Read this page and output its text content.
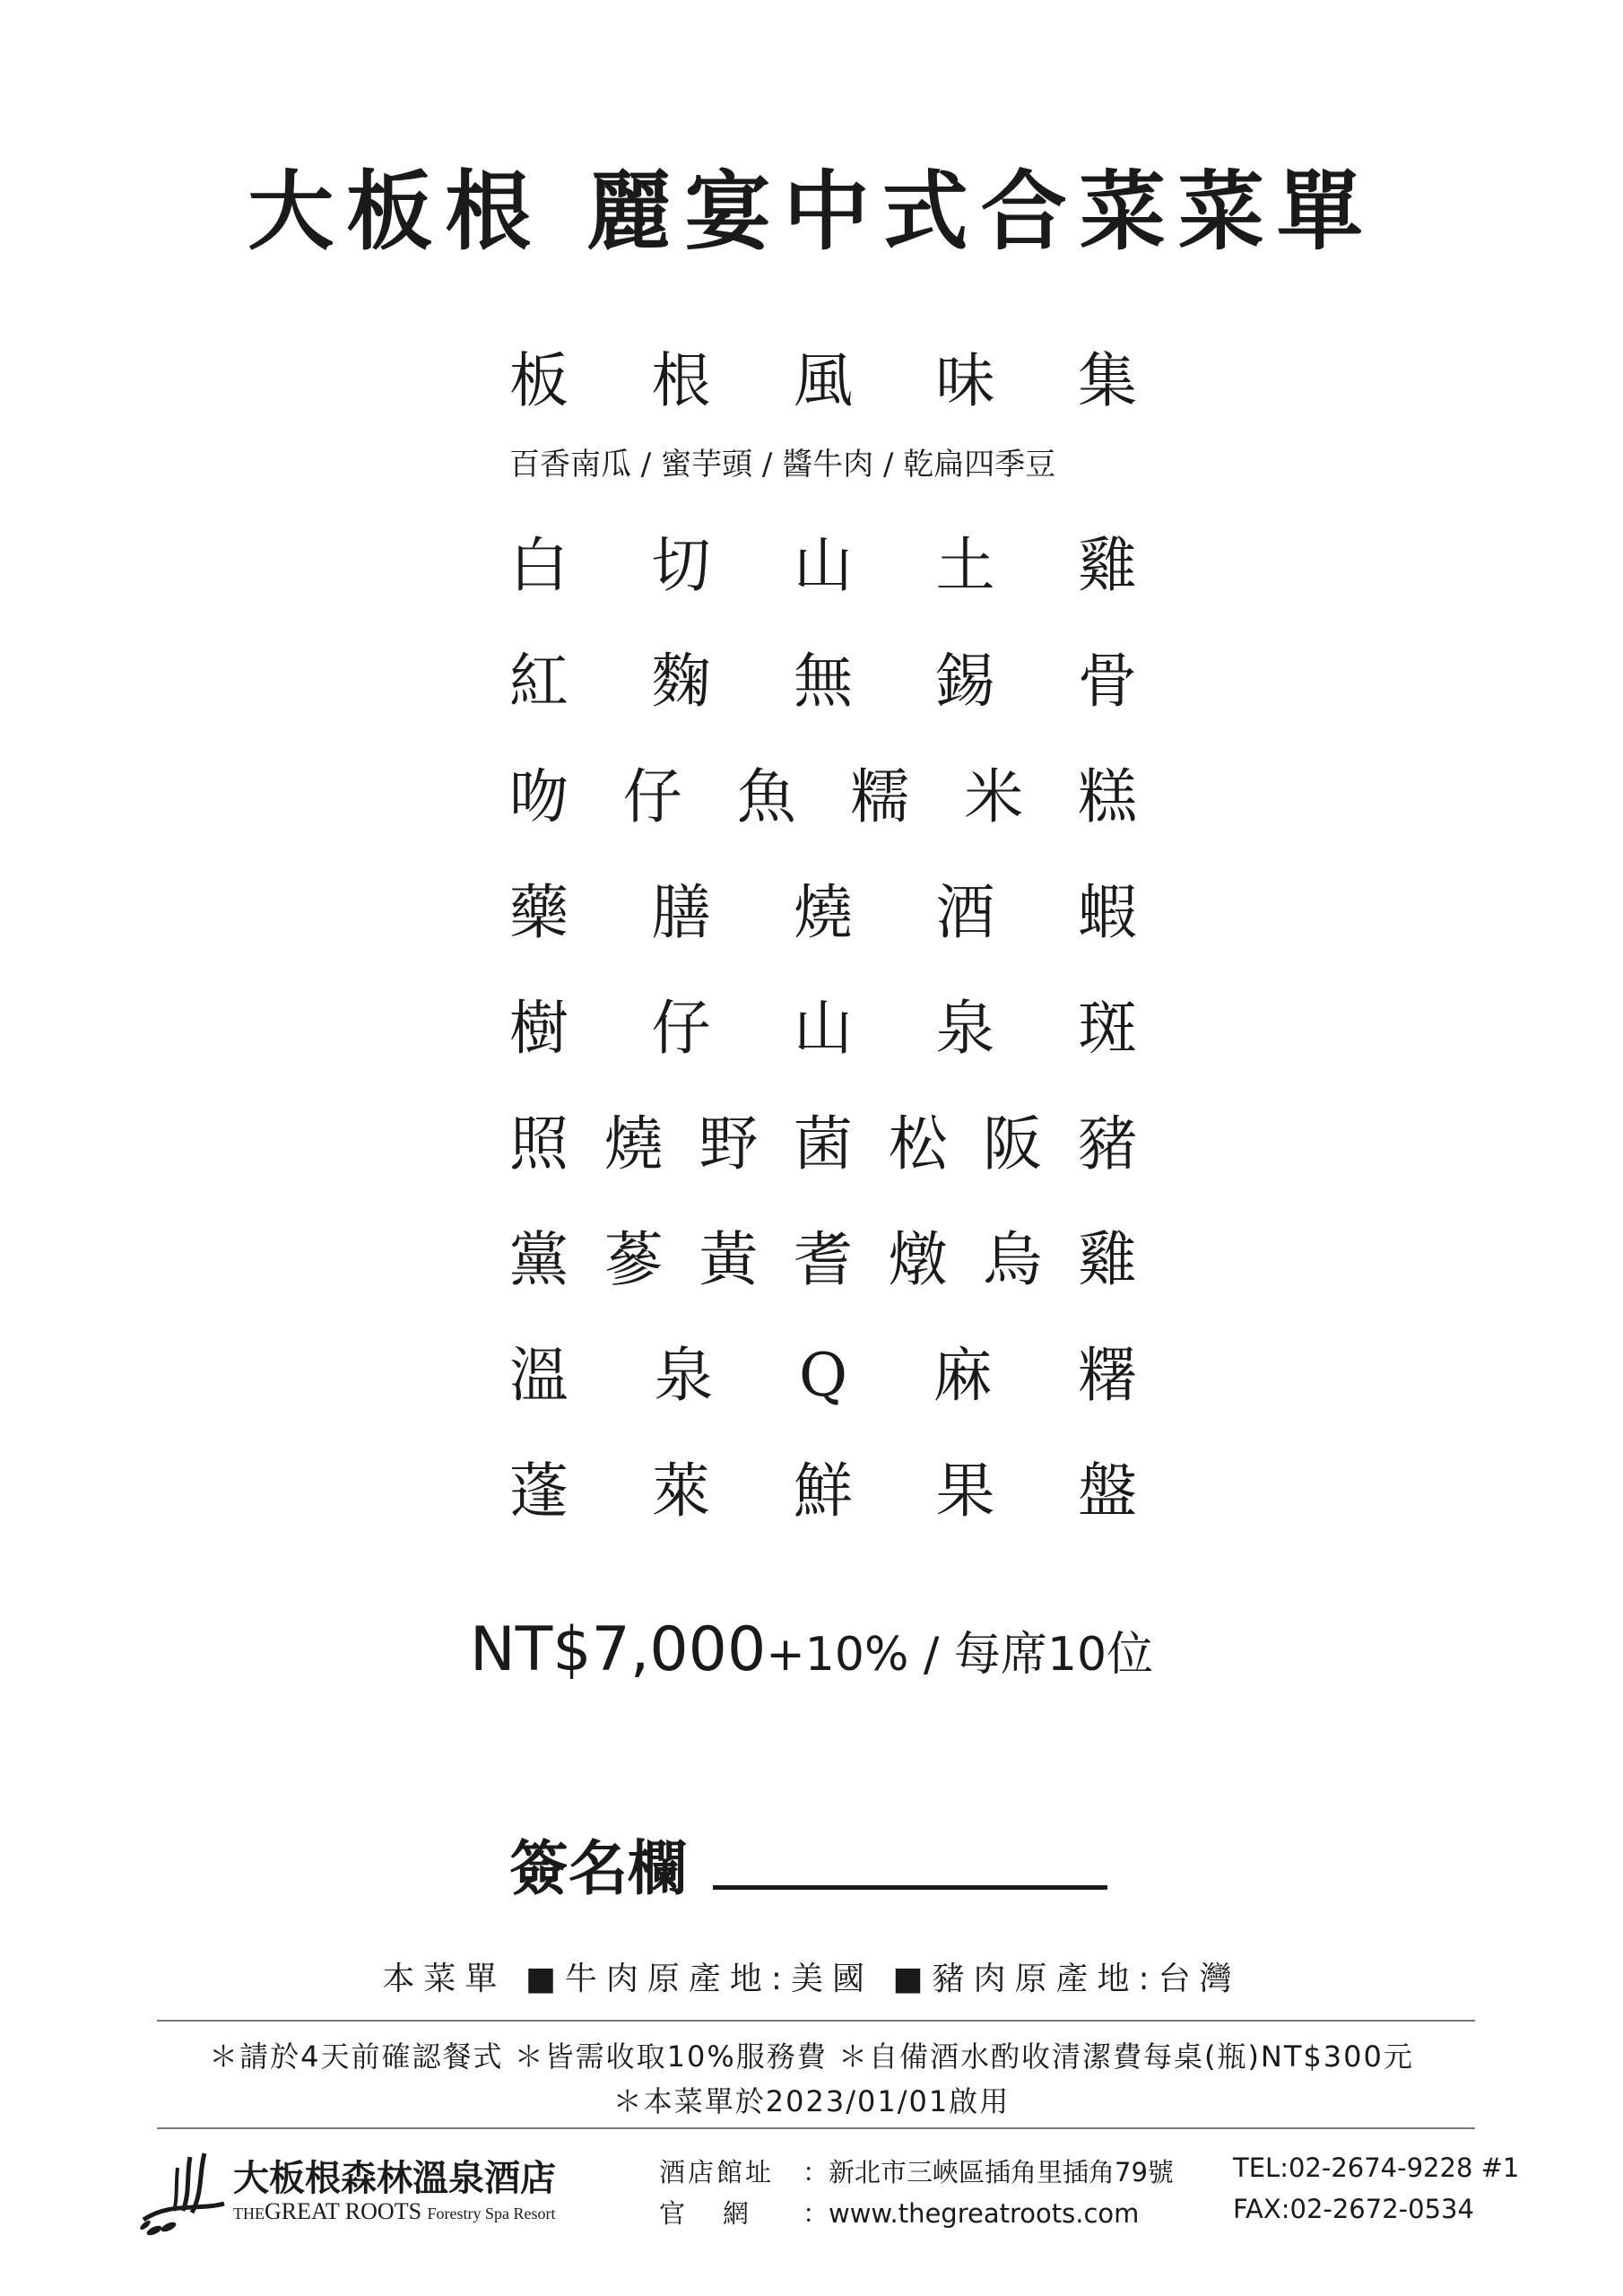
大板根 麗宴中式合菜菜單
板 根 風 味 集
白 切 山 土 雞
紅 麴 無 錫 骨
吻 仔 魚 糯 米 糕
藥 膳 燒 酒 蝦
樹 仔 山 泉 斑
照 燒 野 菌 松 阪 豬
黨 蔘 黃 耆 燉 烏 雞
溫 泉 Q 麻 糬
蓬 萊 鮮 果 盤
百香南瓜 / 蜜芋頭 / 醬牛肉 / 乾扁四季豆
NT$7,000+10% / 每席10位
簽名欄
本菜單 ■牛肉原產地:美國 ■豬肉原產地:台灣
＊請於4天前確認餐式 ＊皆需收取10%服務費 ＊自備酒水酌收清潔費每桌(瓶)NT$300元
＊本菜單於2023/01/01啟用
大板根森林溫泉酒店
THEGREAT ROOTS Forestry Spa Resort
酒店館址 ：新北市三峽區插角里插角79號
官網 ：www.thegreatroots.com
TEL:02-2674-9228 #1
FAX:02-2672-0534
